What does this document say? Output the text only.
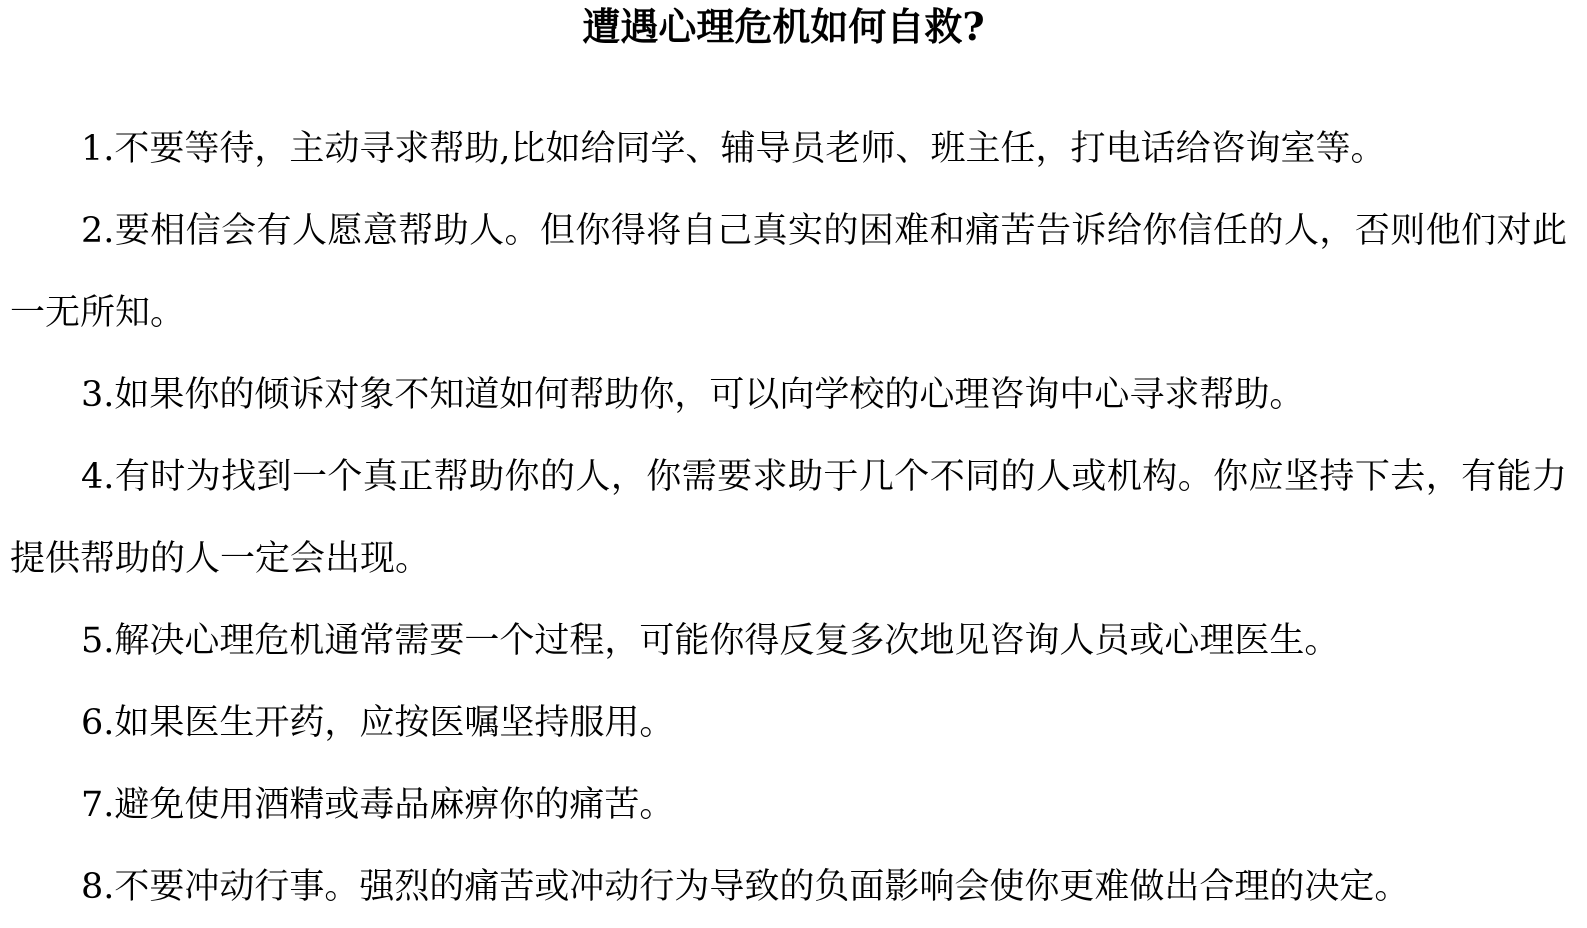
遭遇心理危机如何自救?

1.不要等待，主动寻求帮助,比如给同学、辅导员老师、班主任，打电话给咨询室等。

2.要相信会有人愿意帮助人。但你得将自己真实的困难和痛苦告诉给你信任的人，否则他们对此一无所知。

3.如果你的倾诉对象不知道如何帮助你，可以向学校的心理咨询中心寻求帮助。

4.有时为找到一个真正帮助你的人，你需要求助于几个不同的人或机构。你应坚持下去，有能力提供帮助的人一定会出现。

5.解决心理危机通常需要一个过程，可能你得反复多次地见咨询人员或心理医生。

6.如果医生开药，应按医嘱坚持服用。

7.避免使用酒精或毒品麻痹你的痛苦。

8.不要冲动行事。强烈的痛苦或冲动行为导致的负面影响会使你更难做出合理的决定。
